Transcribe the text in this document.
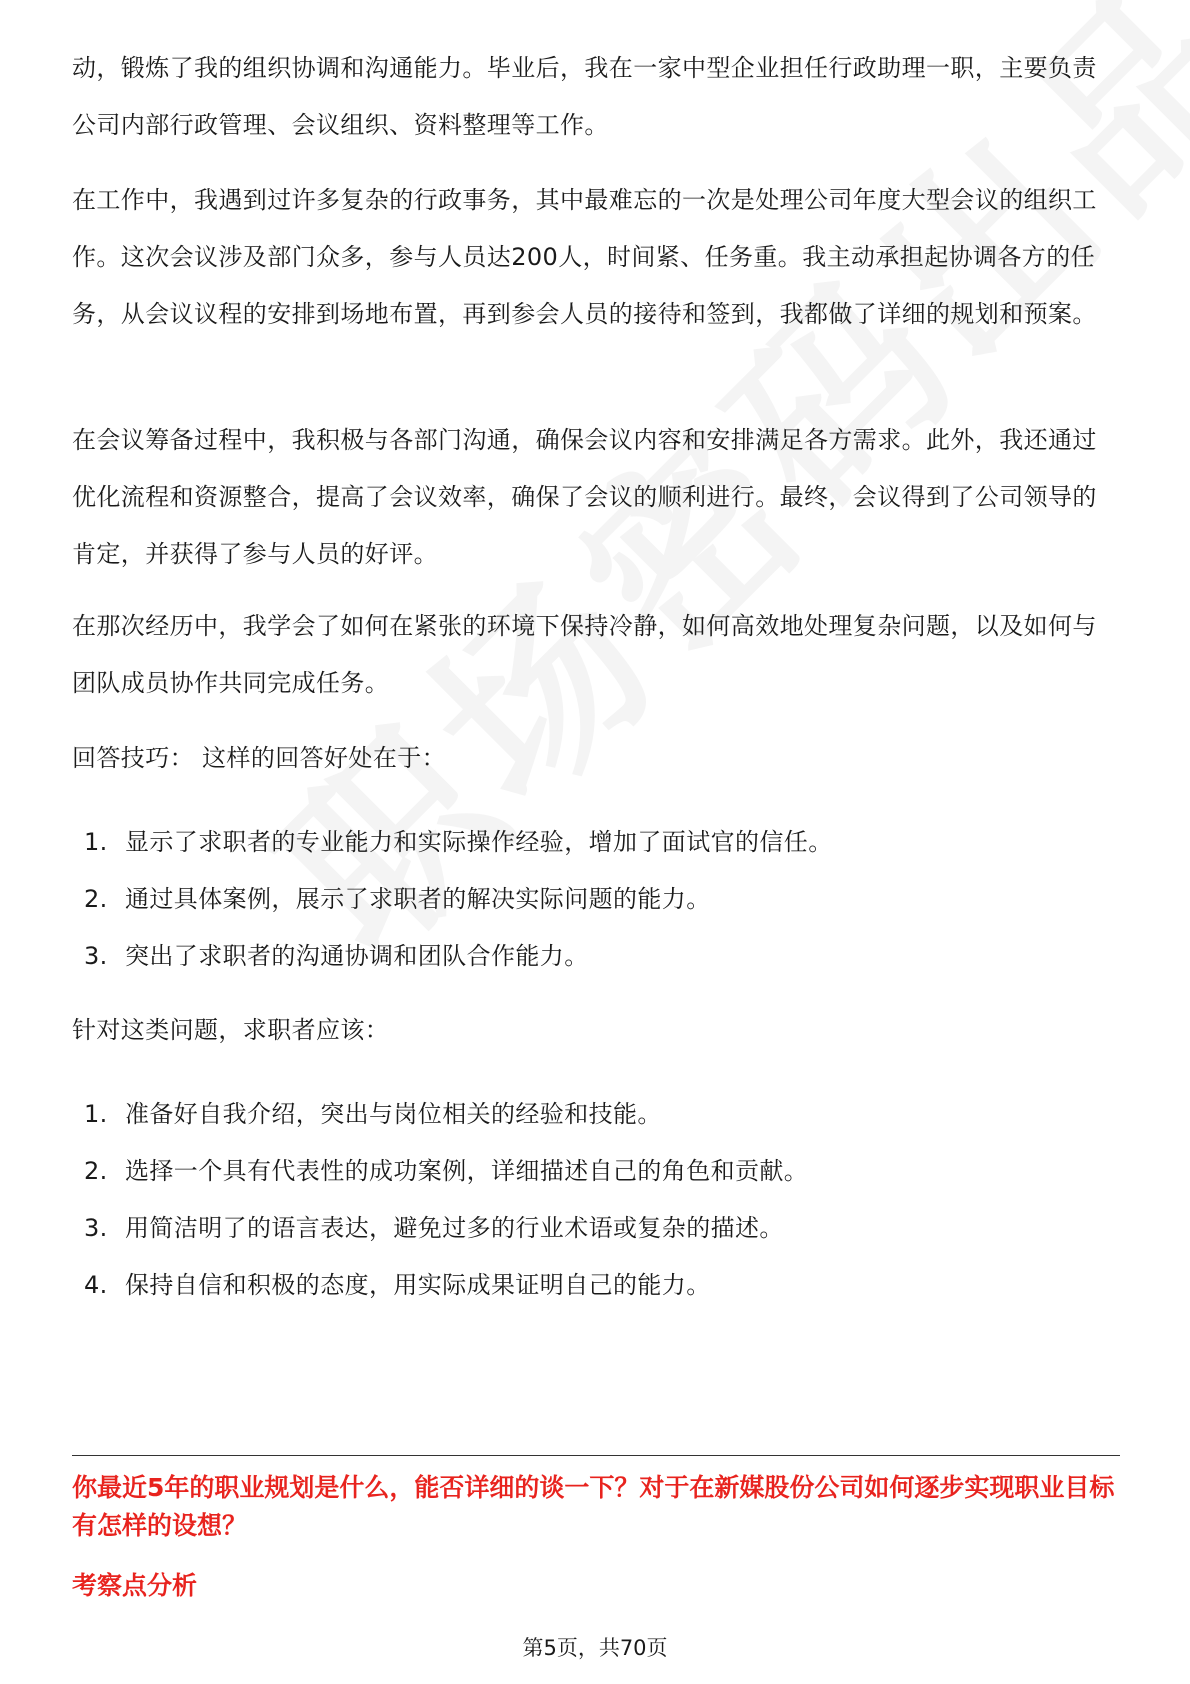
动，锻炼了我的组织协调和沟通能力。毕业后，我在一家中型企业担任行政助理一职，主要负责公司内部行政管理、会议组织、资料整理等工作。

在工作中，我遇到过许多复杂的行政事务，其中最难忘的一次是处理公司年度大型会议的组织工作。这次会议涉及部门众多，参与人员达200人，时间紧、任务重。我主动承担起协调各方的任务，从会议议程的安排到场地布置，再到参会人员的接待和签到，我都做了详细的规划和预案。

在会议筹备过程中，我积极与各部门沟通，确保会议内容和安排满足各方需求。此外，我还通过优化流程和资源整合，提高了会议效率，确保了会议的顺利进行。最终，会议得到了公司领导的肯定，并获得了参与人员的好评。

在那次经历中，我学会了如何在紧张的环境下保持冷静，如何高效地处理复杂问题，以及如何与团队成员协作共同完成任务。

回答技巧： 这样的回答好处在于：

1. 显示了求职者的专业能力和实际操作经验，增加了面试官的信任。
2. 通过具体案例，展示了求职者的解决实际问题的能力。
3. 突出了求职者的沟通协调和团队合作能力。

针对这类问题，求职者应该：

1. 准备好自我介绍，突出与岗位相关的经验和技能。
2. 选择一个具有代表性的成功案例，详细描述自己的角色和贡献。
3. 用简洁明了的语言表达，避免过多的行业术语或复杂的描述。
4. 保持自信和积极的态度，用实际成果证明自己的能力。

你最近5年的职业规划是什么，能否详细的谈一下？对于在新媒股份公司如何逐步实现职业目标有怎样的设想？

考察点分析

第5页，共70页
